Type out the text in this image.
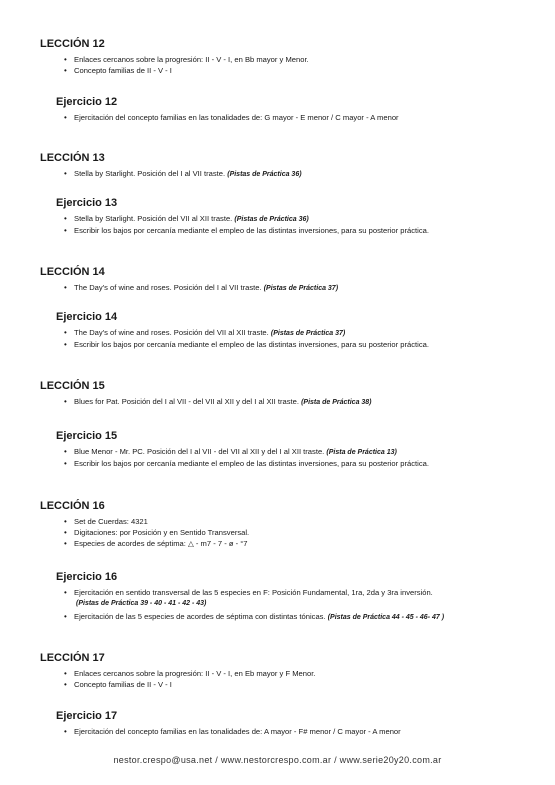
LECCIÓN 12
• Enlaces cercanos sobre la progresión: II - V - I, en Bb mayor y Menor.
• Concepto familias de II - V - I
Ejercicio 12
• Ejercitación del concepto familias en las tonalidades de: G mayor - E menor / C mayor - A menor
LECCIÓN 13
• Stella by Starlight. Posición del I al VII traste. (Pistas de Práctica 36)
Ejercicio 13
• Stella by Starlight. Posición del VII al XII traste. (Pistas de Práctica 36)
• Escribir los bajos por cercanía mediante el empleo de las distintas inversiones, para su posterior práctica.
LECCIÓN 14
• The Day's of wine and roses. Posición del I al VII traste. (Pistas de Práctica 37)
Ejercicio 14
• The Day's of wine and roses. Posición del VII al XII traste. (Pistas de Práctica 37)
• Escribir los bajos por cercanía mediante el empleo de las distintas inversiones, para su posterior práctica.
LECCIÓN 15
• Blues for Pat. Posición del I al VII - del VII al XII y del I al XII traste. (Pista de Práctica 38)
Ejercicio 15
• Blue Menor - Mr. PC. Posición del I al VII - del VII al XII y del I al XII traste. (Pista de Práctica 13)
• Escribir los bajos por cercanía mediante el empleo de las distintas inversiones, para su posterior práctica.
LECCIÓN 16
• Set de Cuerdas: 4321
• Digitaciones: por Posición y en Sentido Transversal.
• Especies de acordes de séptima: △ - m7 - 7 - ø - °7
Ejercicio 16
• Ejercitación en sentido transversal de las 5 especies en F: Posición Fundamental, 1ra, 2da y 3ra inversión.
(Pistas de Práctica 39 - 40 - 41 - 42 - 43)
• Ejercitación de las 5 especies de acordes de séptima con distintas tónicas. (Pistas de Práctica 44 - 45 - 46- 47 )
LECCIÓN 17
• Enlaces cercanos sobre la progresión: II - V - I, en Eb mayor y F Menor.
• Concepto familias de II - V - I
Ejercicio 17
• Ejercitación del concepto familias en las tonalidades de: A mayor - F# menor / C mayor - A menor
nestor.crespo@usa.net / www.nestorcrespo.com.ar / www.serie20y20.com.ar
